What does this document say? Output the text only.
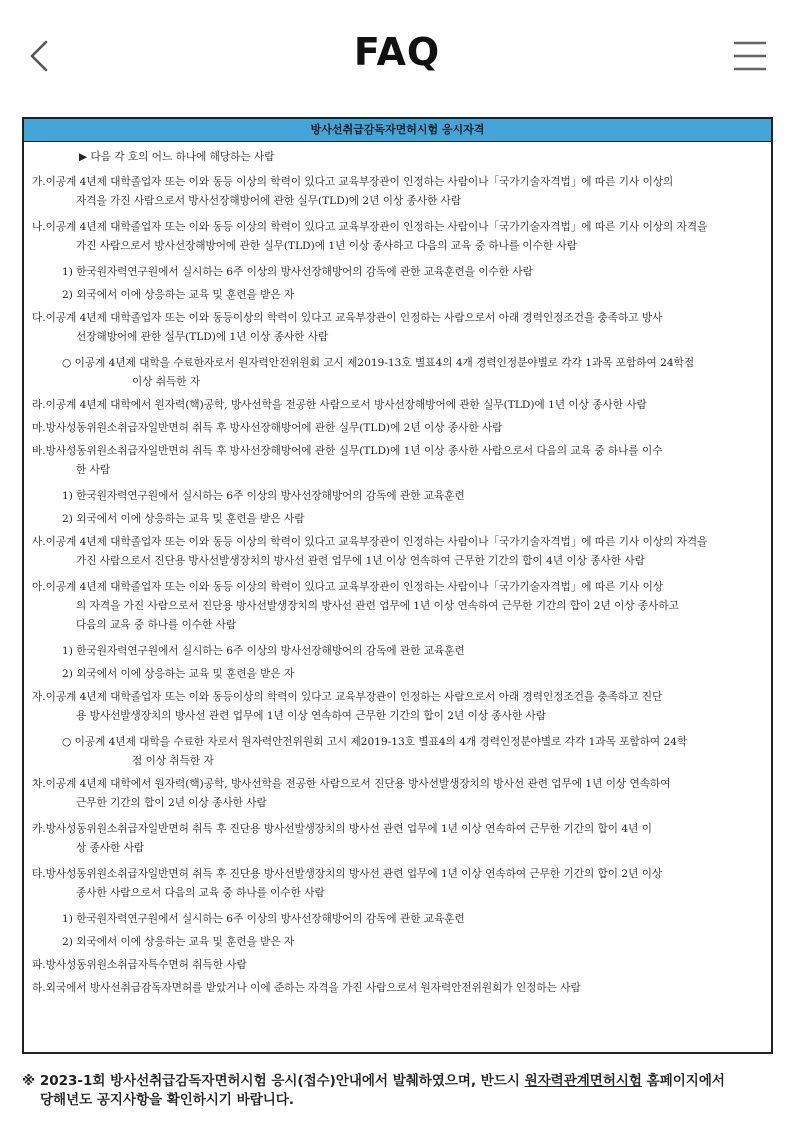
FAQ
방사선취급감독자면허시험 응시자격
▶ 다음 각 호의 어느 하나에 해당하는 사람
가.이공계 4년제 대학졸업자 또는 이와 동등 이상의 학력이 있다고 교육부장관이 인정하는 사람이나「국가기술자격법」에 따른 기사 이상의
자격을 가진 사람으로서 방사선장해방어에 관한 실무(TLD)에 2년 이상 종사한 사람
나.이공계 4년제 대학졸업자 또는 이와 동등 이상의 학력이 있다고 교육부장관이 인정하는 사람이나「국가기술자격법」에 따른 기사 이상의 자격을
가진 사람으로서 방사선장해방어에 관한 실무(TLD)에 1년 이상 종사하고 다음의 교육 중 하나를 이수한 사람
1) 한국원자력연구원에서 실시하는 6주 이상의 방사선장해방어의 감독에 관한 교육훈련을 이수한 사람
2) 외국에서 이에 상응하는 교육 및 훈련을 받은 자
다.이공계 4년제 대학졸업자 또는 이와 동등이상의 학력이 있다고 교육부장관이 인정하는 사람으로서 아래 경력인정조건을 충족하고 방사
선장해방어에 관한 실무(TLD)에 1년 이상 종사한 사람
○ 이공계 4년제 대학을 수료한자로서 원자력안전위원회 고시 제2019-13호 별표4의 4개 경력인정분야별로 각각 1과목 포함하여 24학점
이상 취득한 자
라.이공계 4년제 대학에서 원자력(핵)공학, 방사선학을 전공한 사람으로서 방사선장해방어에 관한 실무(TLD)에 1년 이상 종사한 사람
마.방사성동위원소취급자일반면허 취득 후 방사선장해방어에 관한 실무(TLD)에 2년 이상 종사한 사람
바.방사성동위원소취급자일반면허 취득 후 방사선장해방어에 관한 실무(TLD)에 1년 이상 종사한 사람으로서 다음의 교육 중 하나를 이수
한 사람
1) 한국원자력연구원에서 실시하는 6주 이상의 방사선장해방어의 감독에 관한 교육훈련
2) 외국에서 이에 상응하는 교육 및 훈련을 받은 사람
사.이공계 4년제 대학졸업자 또는 이와 동등 이상의 학력이 있다고 교육부장관이 인정하는 사람이나「국가기술자격법」에 따른 기사 이상의 자격을
가진 사람으로서 진단용 방사선발생장치의 방사선 관련 업무에 1년 이상 연속하여 근무한 기간의 합이 4년 이상 종사한 사람
아.이공계 4년제 대학졸업자 또는 이와 동등 이상의 학력이 있다고 교육부장관이 인정하는 사람이나「국가기술자격법」에 따른 기사 이상
의 자격을 가진 사람으로서 진단용 방사선발생장치의 방사선 관련 업무에 1년 이상 연속하여 근무한 기간의 합이 2년 이상 종사하고
다음의 교육 중 하나를 이수한 사람
1) 한국원자력연구원에서 실시하는 6주 이상의 방사선장해방어의 감독에 관한 교육훈련
2) 외국에서 이에 상응하는 교육 및 훈련을 받은 자
자.이공계 4년제 대학졸업자 또는 이와 동등이상의 학력이 있다고 교육부장관이 인정하는 사람으로서 아래 경력인정조건을 충족하고 진단
용 방사선발생장치의 방사선 관련 업무에 1년 이상 연속하여 근무한 기간의 합이 2년 이상 종사한 사람
○ 이공계 4년제 대학을 수료한 자로서 원자력안전위원회 고시 제2019-13호 별표4의 4개 경력인정분야별로 각각 1과목 포함하여 24학
점 이상 취득한 자
차.이공계 4년제 대학에서 원자력(핵)공학, 방사선학을 전공한 사람으로서 진단용 방사선발생장치의 방사선 관련 업무에 1년 이상 연속하여
근무한 기간의 합이 2년 이상 종사한 사람
카.방사성동위원소취급자일반면허 취득 후 진단용 방사선발생장치의 방사선 관련 업무에 1년 이상 연속하여 근무한 기간의 합이 4년 이
상 종사한 사람
타.방사성동위원소취급자일반면허 취득 후 진단용 방사선발생장치의 방사선 관련 업무에 1년 이상 연속하여 근무한 기간의 합이 2년 이상
종사한 사람으로서 다음의 교육 중 하나를 이수한 사람
1) 한국원자력연구원에서 실시하는 6주 이상의 방사선장해방어의 감독에 관한 교육훈련
2) 외국에서 이에 상응하는 교육 및 훈련을 받은 자
파.방사성동위원소취급자특수면허 취득한 사람
하.외국에서 방사선취급감독자면허를 받았거나 이에 준하는 자격을 가진 사람으로서 원자력안전위원회가 인정하는 사람
※ 2023-1회 방사선취급감독자면허시험 응시(접수)안내에서 발췌하였으며, 반드시 원자력관계면허시험 홈페이지에서
당해년도 공지사항을 확인하시기 바랍니다.
